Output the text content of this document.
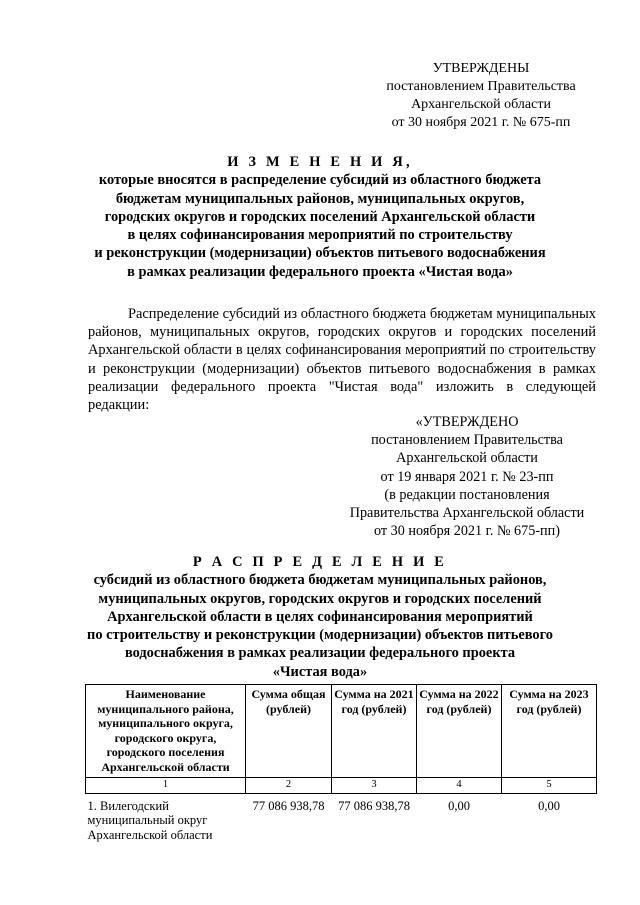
УТВЕРЖДЕНЫ
постановлением Правительства
Архангельской области
от 30 ноября 2021 г. № 675-пп
И З М Е Н Е Н И Я,
которые вносятся в распределение субсидий из областного бюджета
бюджетам муниципальных районов, муниципальных округов,
городских округов и городских поселений Архангельской области
в целях софинансирования мероприятий по строительству
и реконструкции (модернизации) объектов питьевого водоснабжения
в рамках реализации федерального проекта «Чистая вода»
Распределение субсидий из областного бюджета бюджетам муниципальных районов, муниципальных округов, городских округов и городских поселений Архангельской области в целях софинансирования мероприятий по строительству и реконструкции (модернизации) объектов питьевого водоснабжения в рамках реализации федерального проекта "Чистая вода" изложить в следующей редакции:
«УТВЕРЖДЕНО
постановлением Правительства
Архангельской области
от 19 января 2021 г. № 23-пп
(в редакции постановления
Правительства Архангельской области
от 30 ноября 2021 г. № 675-пп)
Р А С П Р Е Д Е Л Е Н И Е
субсидий из областного бюджета бюджетам муниципальных районов,
муниципальных округов, городских округов и городских поселений
Архангельской области в целях софинансирования мероприятий
по строительству и реконструкции (модернизации) объектов питьевого
водоснабжения в рамках реализации федерального проекта
«Чистая вода»
Наименование муниципального района, муниципального округа, городского округа, городского поселения Архангельской области	Сумма общая (рублей)	Сумма на 2021 год (рублей)	Сумма на 2022 год (рублей)	Сумма на 2023 год (рублей)
1	2	3	4	5
1. Вилегодский муниципальный округ Архангельской области	77 086 938,78	77 086 938,78	0,00	0,00
